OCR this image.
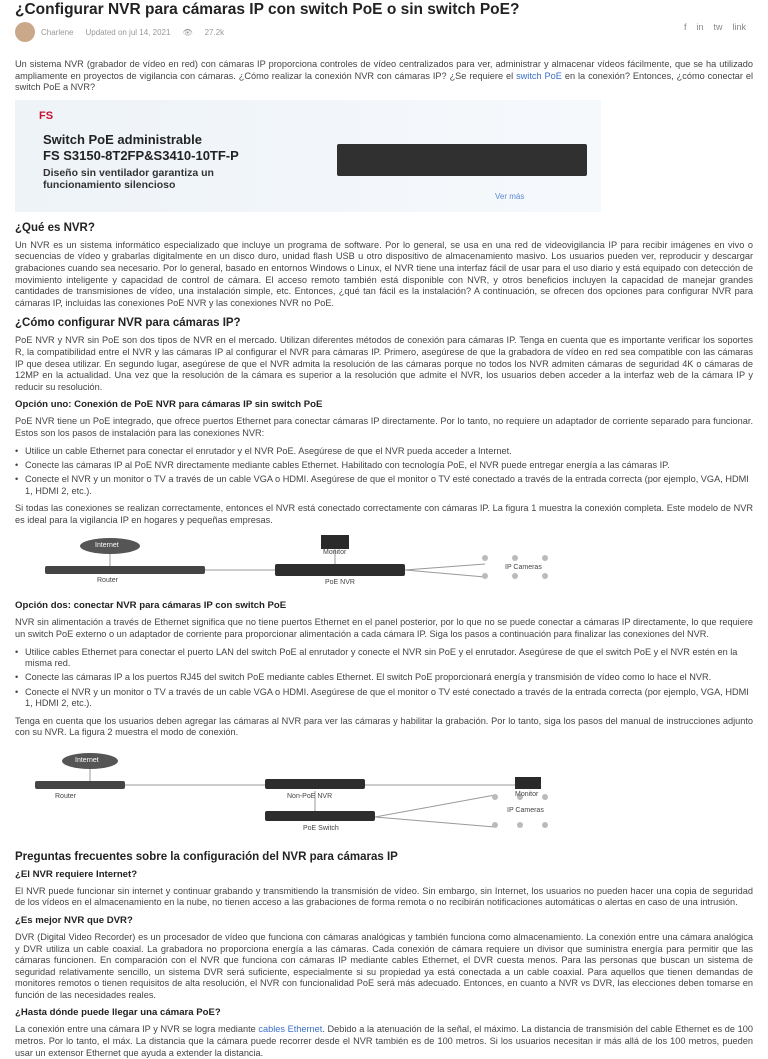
¿Configurar NVR para cámaras IP con switch PoE o sin switch PoE?
Charlene Updated on jul 14, 2021 👁 27.2k	f in tw link

Un sistema NVR (grabador de vídeo en red) con cámaras IP proporciona controles de vídeo centralizados para ver, administrar y almacenar vídeos fácilmente, que se ha utilizado ampliamente en proyectos de vigilancia con cámaras. ¿Cómo realizar la conexión NVR con cámaras IP? ¿Se requiere el switch PoE en la conexión? Entonces, ¿cómo conectar el switch PoE a NVR?

FS
Switch PoE administrable
FS S3150-8T2FP&S3410-10TF-P
Diseño sin ventilador garantiza un
funcionamiento silencioso
Ver más
¿Qué es NVR?

Un NVR es un sistema informático especializado que incluye un programa de software. Por lo general, se usa en una red de videovigilancia IP para recibir imágenes en vivo o secuencias de vídeo y grabarlas digitalmente en un disco duro, unidad flash USB u otro dispositivo de almacenamiento masivo. Los usuarios pueden ver, reproducir y descargar grabaciones cuando sea necesario. Por lo general, basado en entornos Windows o Linux, el NVR tiene una interfaz fácil de usar para el uso diario y está equipado con detección de movimiento inteligente y capacidad de control de cámara. El acceso remoto también está disponible con NVR, y otros beneficios incluyen la capacidad de manejar grandes cantidades de transmisiones de vídeo, una instalación simple, etc. Entonces, ¿qué tan fácil es la instalación? A continuación, se ofrecen dos opciones para configurar NVR para cámaras IP, incluidas las conexiones PoE NVR y las conexiones NVR no PoE.

¿Cómo configurar NVR para cámaras IP?

PoE NVR y NVR sin PoE son dos tipos de NVR en el mercado. Utilizan diferentes métodos de conexión para cámaras IP. Tenga en cuenta que es importante verificar los soportes R, la compatibilidad entre el NVR y las cámaras IP al configurar el NVR para cámaras IP. Primero, asegúrese de que la grabadora de vídeo en red sea compatible con las cámaras IP que desea utilizar. En segundo lugar, asegúrese de que el NVR admita la resolución de las cámaras porque no todos los NVR admiten cámaras de seguridad 4K o cámaras de 12MP en la actualidad. Una vez que la resolución de la cámara es superior a la resolución que admite el NVR, los usuarios deben acceder a la interfaz web de la cámara IP y reducir su resolución.

Opción uno: Conexión de PoE NVR para cámaras IP sin switch PoE

PoE NVR tiene un PoE integrado, que ofrece puertos Ethernet para conectar cámaras IP directamente. Por lo tanto, no requiere un adaptador de corriente separado para funcionar. Estos son los pasos de instalación para las conexiones NVR:

• Utilice un cable Ethernet para conectar el enrutador y el NVR PoE. Asegúrese de que el NVR pueda acceder a Internet.
• Conecte las cámaras IP al PoE NVR directamente mediante cables Ethernet. Habilitado con tecnología PoE, el NVR puede entregar energía a las cámaras IP.
• Conecte el NVR y un monitor o TV a través de un cable VGA o HDMI. Asegúrese de que el monitor o TV esté conectado a través de la entrada correcta (por ejemplo, VGA, HDMI 1, HDMI 2, etc.).

Si todas las conexiones se realizan correctamente, entonces el NVR está conectado correctamente con cámaras IP. La figura 1 muestra la conexión completa. Este modelo de NVR es ideal para la vigilancia IP en hogares y pequeñas empresas.

Internet
Router
Monitor
PoE NVR
IP Cameras
Opción dos: conectar NVR para cámaras IP con switch PoE

NVR sin alimentación a través de Ethernet significa que no tiene puertos Ethernet en el panel posterior, por lo que no se puede conectar a cámaras IP directamente, lo que requiere un switch PoE externo o un adaptador de corriente para proporcionar alimentación a cada cámara IP. Siga los pasos a continuación para finalizar las conexiones del NVR.

• Utilice cables Ethernet para conectar el puerto LAN del switch PoE al enrutador y conecte el NVR sin PoE y el enrutador. Asegúrese de que el switch PoE y el NVR estén en la misma red.
• Conecte las cámaras IP a los puertos RJ45 del switch PoE mediante cables Ethernet. El switch PoE proporcionará energía y transmisión de vídeo como lo hace el NVR.
• Conecte el NVR y un monitor o TV a través de un cable VGA o HDMI. Asegúrese de que el monitor o TV esté conectado a través de la entrada correcta (por ejemplo, VGA, HDMI 1, HDMI 2, etc.).

Tenga en cuenta que los usuarios deben agregar las cámaras al NVR para ver las cámaras y habilitar la grabación. Por lo tanto, siga los pasos del manual de instrucciones adjunto con su NVR. La figura 2 muestra el modo de conexión.

Internet
Router	Non-PoE NVR
PoE Switch
Monitor
IP Cameras
Preguntas frecuentes sobre la configuración del NVR para cámaras IP
¿El NVR requiere Internet?

El NVR puede funcionar sin internet y continuar grabando y transmitiendo la transmisión de vídeo. Sin embargo, sin Internet, los usuarios no pueden hacer una copia de seguridad de los vídeos en el almacenamiento en la nube, no tienen acceso a las grabaciones de forma remota o no recibirán notificaciones automáticas o alertas en caso de una intrusión.

¿Es mejor NVR que DVR?

DVR (Digital Video Recorder) es un procesador de vídeo que funciona con cámaras analógicas y también funciona como almacenamiento. La conexión entre una cámara analógica y DVR utiliza un cable coaxial. La grabadora no proporciona energía a las cámaras. Cada conexión de cámara requiere un divisor que suministra energía para permitir que las cámaras funcionen. En comparación con el NVR que funciona con cámaras IP mediante cables Ethernet, el DVR cuesta menos. Para las personas que buscan un sistema de seguridad relativamente sencillo, un sistema DVR será suficiente, especialmente si su propiedad ya está conectada a un cable coaxial. Para aquellos que tienen demandas de monitores remotos o tienen requisitos de alta resolución, el NVR con funcionalidad PoE será más adecuado. Entonces, en cuanto a NVR vs DVR, las elecciones deben tomarse en función de las necesidades reales.

¿Hasta dónde puede llegar una cámara PoE?

La conexión entre una cámara IP y NVR se logra mediante cables Ethernet. Debido a la atenuación de la señal, el máximo. La distancia de transmisión del cable Ethernet es de 100 metros. Por lo tanto, el máx. La distancia que la cámara puede recorrer desde el NVR también es de 100 metros. Si los usuarios necesitan ir más allá de los 100 metros, pueden usar un extensor Ethernet que ayuda a extender la distancia.
